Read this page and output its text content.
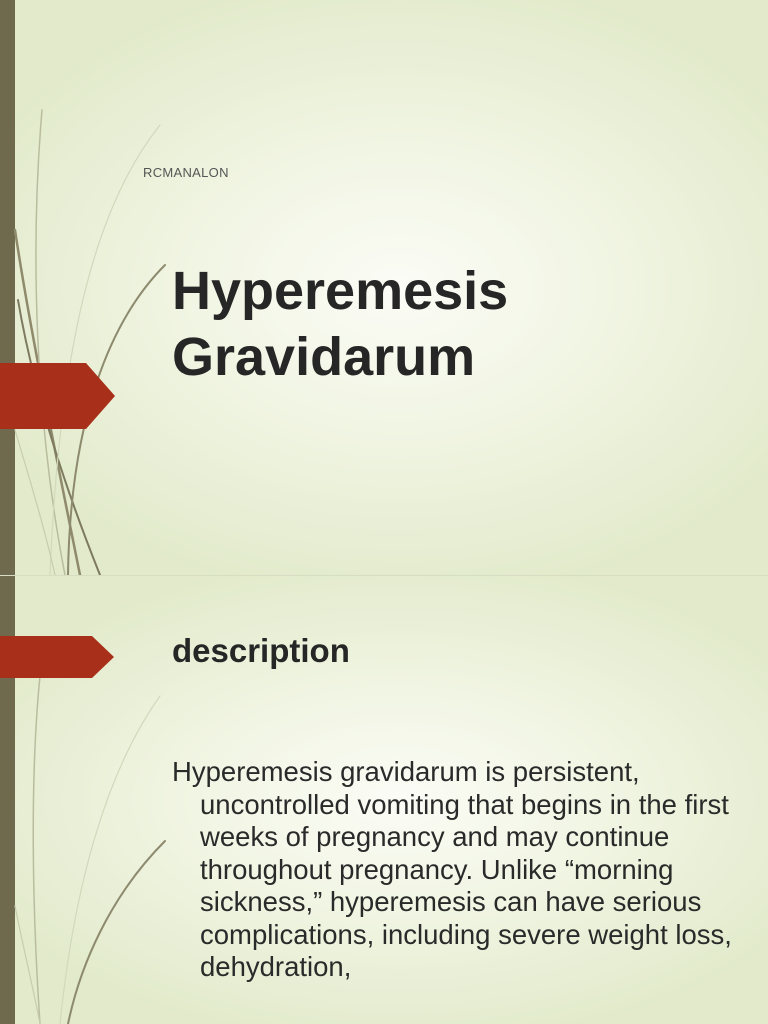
RCMANALON
Hyperemesis
Gravidarum
description
Hyperemesis gravidarum is persistent, uncontrolled vomiting that begins in the first weeks of pregnancy and may continue throughout pregnancy. Unlike “morning sickness,” hyperemesis can have serious complications, including severe weight loss, dehydration,
